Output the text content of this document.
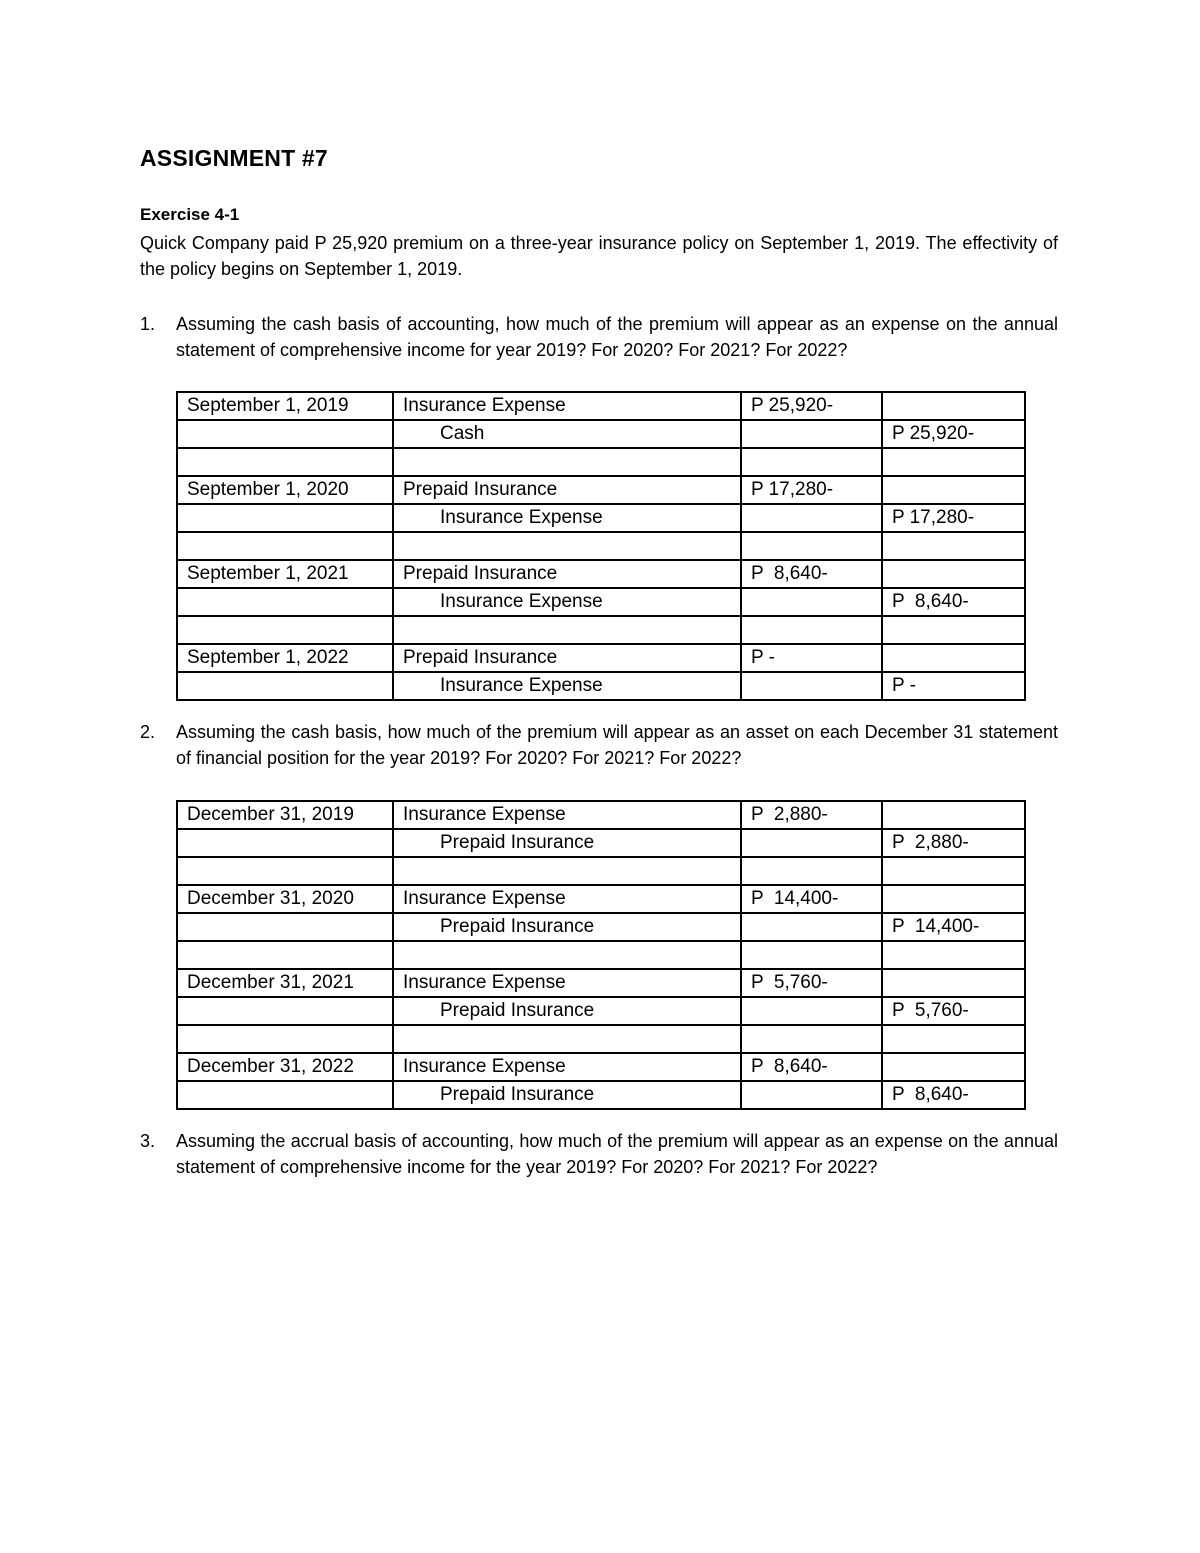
ASSIGNMENT #7
Exercise 4-1
Quick Company paid P 25,920 premium on a three-year insurance policy on September 1, 2019. The effectivity of the policy begins on September 1, 2019.
1. Assuming the cash basis of accounting, how much of the premium will appear as an expense on the annual statement of comprehensive income for year 2019? For 2020? For 2021? For 2022?
September 1, 2019	Insurance Expense	P 25,920-	
	Cash		P 25,920-

September 1, 2020	Prepaid Insurance	P 17,280-	
	Insurance Expense		P 17,280-

September 1, 2021	Prepaid Insurance	P  8,640-	
	Insurance Expense		P  8,640-

September 1, 2022	Prepaid Insurance	P -	
	Insurance Expense		P -
2. Assuming the cash basis, how much of the premium will appear as an asset on each December 31 statement of financial position for the year 2019? For 2020? For 2021? For 2022?
December 31, 2019	Insurance Expense	P  2,880-	
	Prepaid Insurance		P  2,880-

December 31, 2020	Insurance Expense	P  14,400-	
	Prepaid Insurance		P  14,400-

December 31, 2021	Insurance Expense	P  5,760-	
	Prepaid Insurance		P  5,760-

December 31, 2022	Insurance Expense	P  8,640-	
	Prepaid Insurance		P  8,640-
3. Assuming the accrual basis of accounting, how much of the premium will appear as an expense on the annual statement of comprehensive income for the year 2019? For 2020? For 2021? For 2022?
